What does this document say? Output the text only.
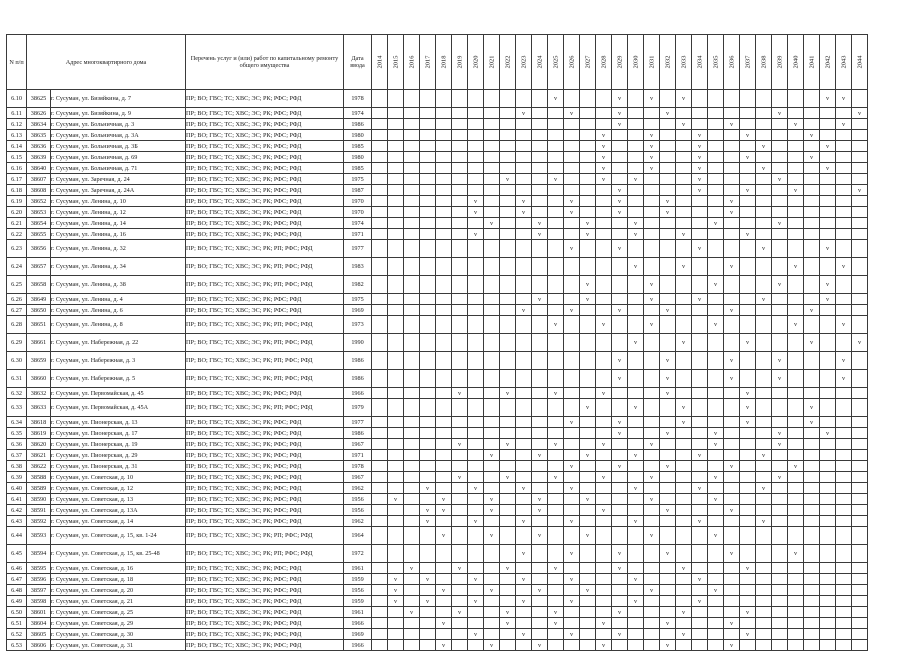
N п/п	Адрес многоквартирного дома		Перечень услуг и (или) работ по капитальному ремонту общего имущества	Дата ввода	2014	2015	2016	2017	2018	2019	2020	2021	2022	2023	2024	2025	2026	2027	2028	2029	2030	2031	2032	2033	2034	2035	2036	2037	2038	2039	2040	2041	2042	2043	2044

6.10	38625	г. Сусуман, ул. Бизяйкина, д. 7	ПР; ВО; ГВС; ТС; ХВС; ЭС; РК; РФС; РФД	1978												v				v		v		v									v	v	
6.11	38626	г. Сусуман, ул. Бизяйкина, д. 9	ПР; ВО; ГВС; ТС; ХВС; ЭС; РК; РФС; РФД	1974										v			v			v			v							v					v
6.12	38634	г. Сусуман, ул. Больничная, д. 3	ПР; ВО; ГВС; ТС; ХВС; ЭС; РК; РФС; РФД	1986																v				v			v				v			v	
6.13	38635	г. Сусуман, ул. Больничная, д. 3А	ПР; ВО; ГВС; ТС; ХВС; ЭС; РК; РФС; РФД	1980															v			v			v			v				v			
6.14	38636	г. Сусуман, ул. Больничная, д. 3Б	ПР; ВО; ГВС; ТС; ХВС; ЭС; РК; РФС; РФД	1985															v			v			v				v				v		
6.15	38639	г. Сусуман, ул. Больничная, д. 69	ПР; ВО; ГВС; ТС; ХВС; ЭС; РК; РФС; РФД	1980															v			v			v			v				v			
6.16	38640	г. Сусуман, ул. Больничная, д. 71	ПР; ВО; ГВС; ТС; ХВС; ЭС; РК; РФС; РФД	1985															v			v			v				v				v		
6.17	38607	г. Сусуман, ул. Заречная, д. 24	ПР; ВО; ГВС; ТС; ХВС; ЭС; РК; РФС; РФД	1975									v			v			v		v				v					v					
6.18	38608	г. Сусуман, ул. Заречная, д. 24А	ПР; ВО; ГВС; ТС; ХВС; ЭС; РК; РФС; РФД	1987																v					v			v			v				v
6.19	38652	г. Сусуман, ул. Ленина, д. 10	ПР; ВО; ГВС; ТС; ХВС; ЭС; РК; РФС; РФД	1970							v			v			v			v			v				v								
6.20	38653	г. Сусуман, ул. Ленина, д. 12	ПР; ВО; ГВС; ТС; ХВС; ЭС; РК; РФС; РФД	1970							v			v			v			v			v				v								
6.21	38654	г. Сусуман, ул. Ленина, д. 14	ПР; ВО; ГВС; ТС; ХВС; ЭС; РК; РФС; РФД	1974								v			v			v			v					v				v					
6.22	38655	г. Сусуман, ул. Ленина, д. 16	ПР; ВО; ГВС; ТС; ХВС; ЭС; РК; РФС; РФД	1971							v				v			v			v			v				v							
6.23	38656	г. Сусуман, ул. Ленина, д. 32	ПР; ВО; ГВС; ТС; ХВС; ЭС; РК; РП; РФС; РФД	1977													v			v					v				v				v		
6.24	38657	г. Сусуман, ул. Ленина, д. 34	ПР; ВО; ГВС; ТС; ХВС; ЭС; РК; РП; РФС; РФД	1983																	v			v			v				v			v	
6.25	38658	г. Сусуман, ул. Ленина, д. 38	ПР; ВО; ГВС; ТС; ХВС; ЭС; РК; РП; РФС; РФД	1982														v				v				v				v			v		
6.26	38649	г. Сусуман, ул. Ленина, д. 4	ПР; ВО; ГВС; ТС; ХВС; ЭС; РК; РФС; РФД	1975											v			v				v			v				v				v		
6.27	38650	г. Сусуман, ул. Ленина, д. 6	ПР; ВО; ГВС; ТС; ХВС; ЭС; РК; РФС; РФД	1969										v			v			v			v				v					v			
6.28	38651	г. Сусуман, ул. Ленина, д. 8	ПР; ВО; ГВС; ТС; ХВС; ЭС; РК; РП; РФС; РФД	1973												v			v			v				v					v			v	
6.29	38661	г. Сусуман, ул. Набережная, д. 22	ПР; ВО; ГВС; ТС; ХВС; ЭС; РК; РП; РФС; РФД	1990																	v			v				v				v			v
6.30	38659	г. Сусуман, ул. Набережная, д. 3	ПР; ВО; ГВС; ТС; ХВС; ЭС; РК; РП; РФС; РФД	1986																v			v				v			v				v	
6.31	38660	г. Сусуман, ул. Набережная, д. 5	ПР; ВО; ГВС; ТС; ХВС; ЭС; РК; РП; РФС; РФД	1986																v			v				v			v				v	
6.32	38632	г. Сусуман, ул. Первомайская, д. 45	ПР; ВО; ГВС; ТС; ХВС; ЭС; РК; РФС; РФД	1966						v			v			v			v				v					v							
6.33	38633	г. Сусуман, ул. Первомайская, д. 45А	ПР; ВО; ГВС; ТС; ХВС; ЭС; РК; РП; РФС; РФД	1979														v			v			v				v				v			
6.34	38618	г. Сусуман, ул. Пионерская, д. 13	ПР; ВО; ГВС; ТС; ХВС; ЭС; РК; РФС; РФД	1977													v			v				v				v				v			
6.35	38619	г. Сусуман, ул. Пионерская, д. 17	ПР; ВО; ГВС; ТС; ХВС; ЭС; РК; РФС; РФД	1986																v			v			v				v			v		
6.36	38620	г. Сусуман, ул. Пионерская, д. 19	ПР; ВО; ГВС; ТС; ХВС; ЭС; РК; РФС; РФД	1967						v			v			v			v			v				v				v					
6.37	38621	г. Сусуман, ул. Пионерская, д. 29	ПР; ВО; ГВС; ТС; ХВС; ЭС; РК; РФС; РФД	1971								v			v			v			v				v				v						
6.38	38622	г. Сусуман, ул. Пионерская, д. 31	ПР; ВО; ГВС; ТС; ХВС; ЭС; РК; РФС; РФД	1978													v			v			v				v				v				
6.39	38588	г. Сусуман, ул. Советская, д. 10	ПР; ВО; ГВС; ТС; ХВС; ЭС; РК; РФС; РФД	1967						v			v			v			v			v				v				v					
6.40	38589	г. Сусуман, ул. Советская, д. 12	ПР; ВО; ГВС; ТС; ХВС; ЭС; РК; РФС; РФД	1962				v			v			v			v				v				v				v						
6.41	38590	г. Сусуман, ул. Советская, д. 13	ПР; ВО; ГВС; ТС; ХВС; ЭС; РК; РФС; РФД	1956		v			v			v			v			v				v				v									
6.42	38591	г. Сусуман, ул. Советская, д. 13А	ПР; ВО; ГВС; ТС; ХВС; ЭС; РК; РФС; РФД	1956				v	v			v			v				v				v				v								
6.43	38592	г. Сусуман, ул. Советская, д. 14	ПР; ВО; ГВС; ТС; ХВС; ЭС; РК; РФС; РФД	1962				v			v			v			v				v				v				v						
6.44	38593	г. Сусуман, ул. Советская, д. 15, кв. 1-24	ПР; ВО; ГВС; ТС; ХВС; ЭС; РК; РП; РФС; РФД	1964					v			v			v			v				v				v									
6.45	38594	г. Сусуман, ул. Советская, д. 15, кв. 25-48	ПР; ВО; ГВС; ТС; ХВС; ЭС; РК; РП; РФС; РФД	1972										v			v			v			v				v				v				
6.46	38595	г. Сусуман, ул. Советская, д. 16	ПР; ВО; ГВС; ТС; ХВС; ЭС; РК; РФС; РФД	1961			v			v			v			v				v				v				v							
6.47	38596	г. Сусуман, ул. Советская, д. 18	ПР; ВО; ГВС; ТС; ХВС; ЭС; РК; РФС; РФД	1959		v		v			v			v			v				v				v										
6.48	38597	г. Сусуман, ул. Советская, д. 20	ПР; ВО; ГВС; ТС; ХВС; ЭС; РК; РФС; РФД	1956		v			v			v			v			v				v				v									
6.49	38598	г. Сусуман, ул. Советская, д. 21	ПР; ВО; ГВС; ТС; ХВС; ЭС; РК; РФС; РФД	1959		v		v			v			v			v				v				v										
6.50	38601	г. Сусуман, ул. Советская, д. 25	ПР; ВО; ГВС; ТС; ХВС; ЭС; РК; РФС; РФД	1961			v			v			v			v				v				v				v							
6.51	38604	г. Сусуман, ул. Советская, д. 29	ПР; ВО; ГВС; ТС; ХВС; ЭС; РК; РФС; РФД	1966					v				v			v			v				v				v								
6.52	38605	г. Сусуман, ул. Советская, д. 30	ПР; ВО; ГВС; ТС; ХВС; ЭС; РК; РФС; РФД	1969							v			v			v			v				v				v							
6.53	38606	г. Сусуман, ул. Советская, д. 31	ПР; ВО; ГВС; ТС; ХВС; ЭС; РК; РФС; РФД	1966					v			v			v				v				v				v								
